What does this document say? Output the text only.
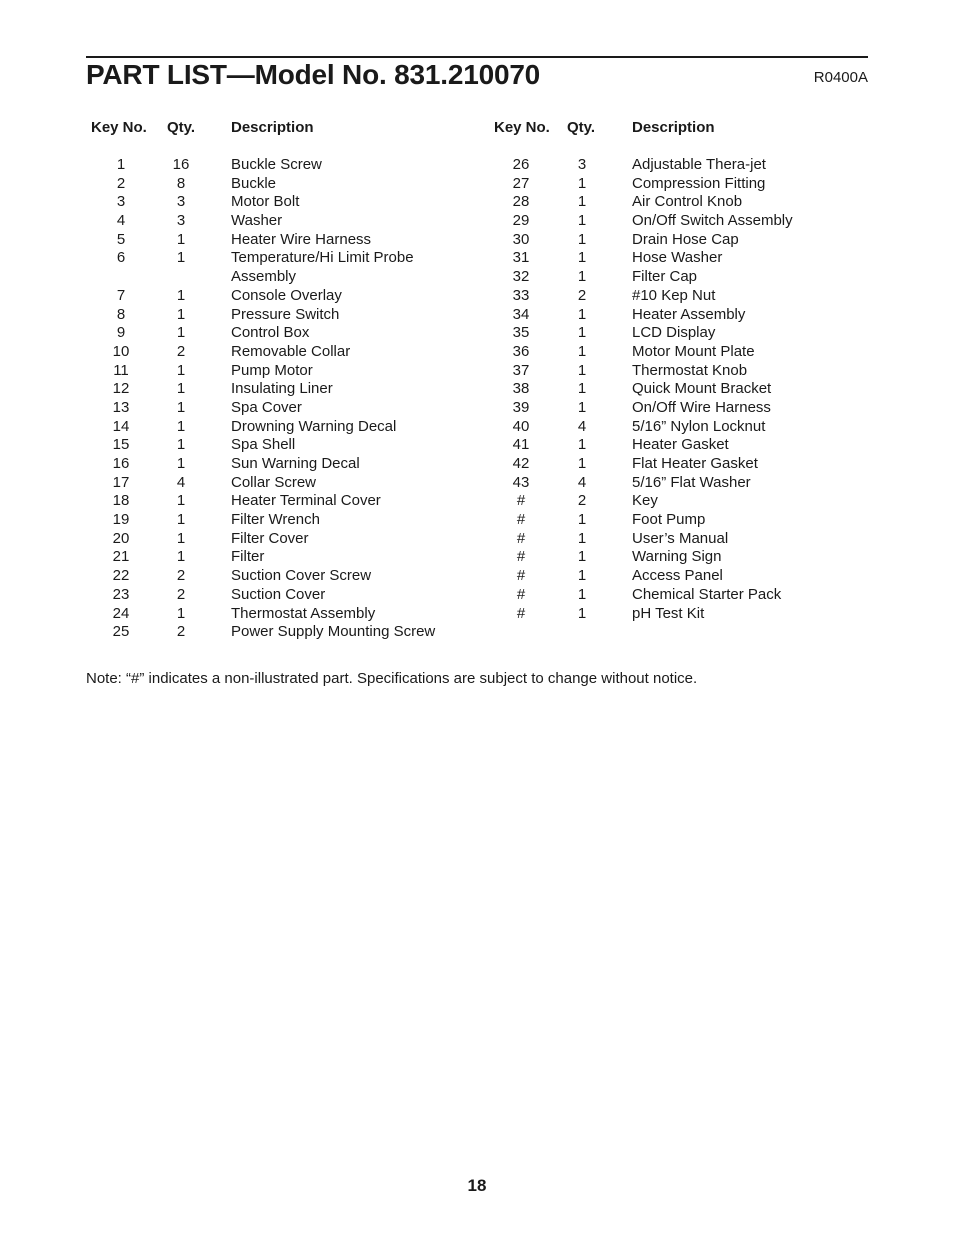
PART LIST—Model No. 831.210070	R0400A
Key No. Qty. Description	Key No. Qty. Description
1	16	Buckle Screw
2	8	Buckle
3	3	Motor Bolt
4	3	Washer
5	1	Heater Wire Harness
6	1	Temperature/Hi Limit Probe
Assembly
7	1	Console Overlay
8	1	Pressure Switch
9	1	Control Box
10	2	Removable Collar
11	1	Pump Motor
12	1	Insulating Liner
13	1	Spa Cover
14	1	Drowning Warning Decal
15	1	Spa Shell
16	1	Sun Warning Decal
17	4	Collar Screw
18	1	Heater Terminal Cover
19	1	Filter Wrench
20	1	Filter Cover
21	1	Filter
22	2	Suction Cover Screw
23	2	Suction Cover
24	1	Thermostat Assembly
25	2	Power Supply Mounting Screw
26	3	Adjustable Thera-jet
27	1	Compression Fitting
28	1	Air Control Knob
29	1	On/Off Switch Assembly
30	1	Drain Hose Cap
31	1	Hose Washer
32	1	Filter Cap
33	2	#10 Kep Nut
34	1	Heater Assembly
35	1	LCD Display
36	1	Motor Mount Plate
37	1	Thermostat Knob
38	1	Quick Mount Bracket
39	1	On/Off Wire Harness
40	4	5/16” Nylon Locknut
41	1	Heater Gasket
42	1	Flat Heater Gasket
43	4	5/16” Flat Washer
#	2	Key
#	1	Foot Pump
#	1	User’s Manual
#	1	Warning Sign
#	1	Access Panel
#	1	Chemical Starter Pack
#	1	pH Test Kit
Note: “#” indicates a non-illustrated part. Specifications are subject to change without notice.
18
